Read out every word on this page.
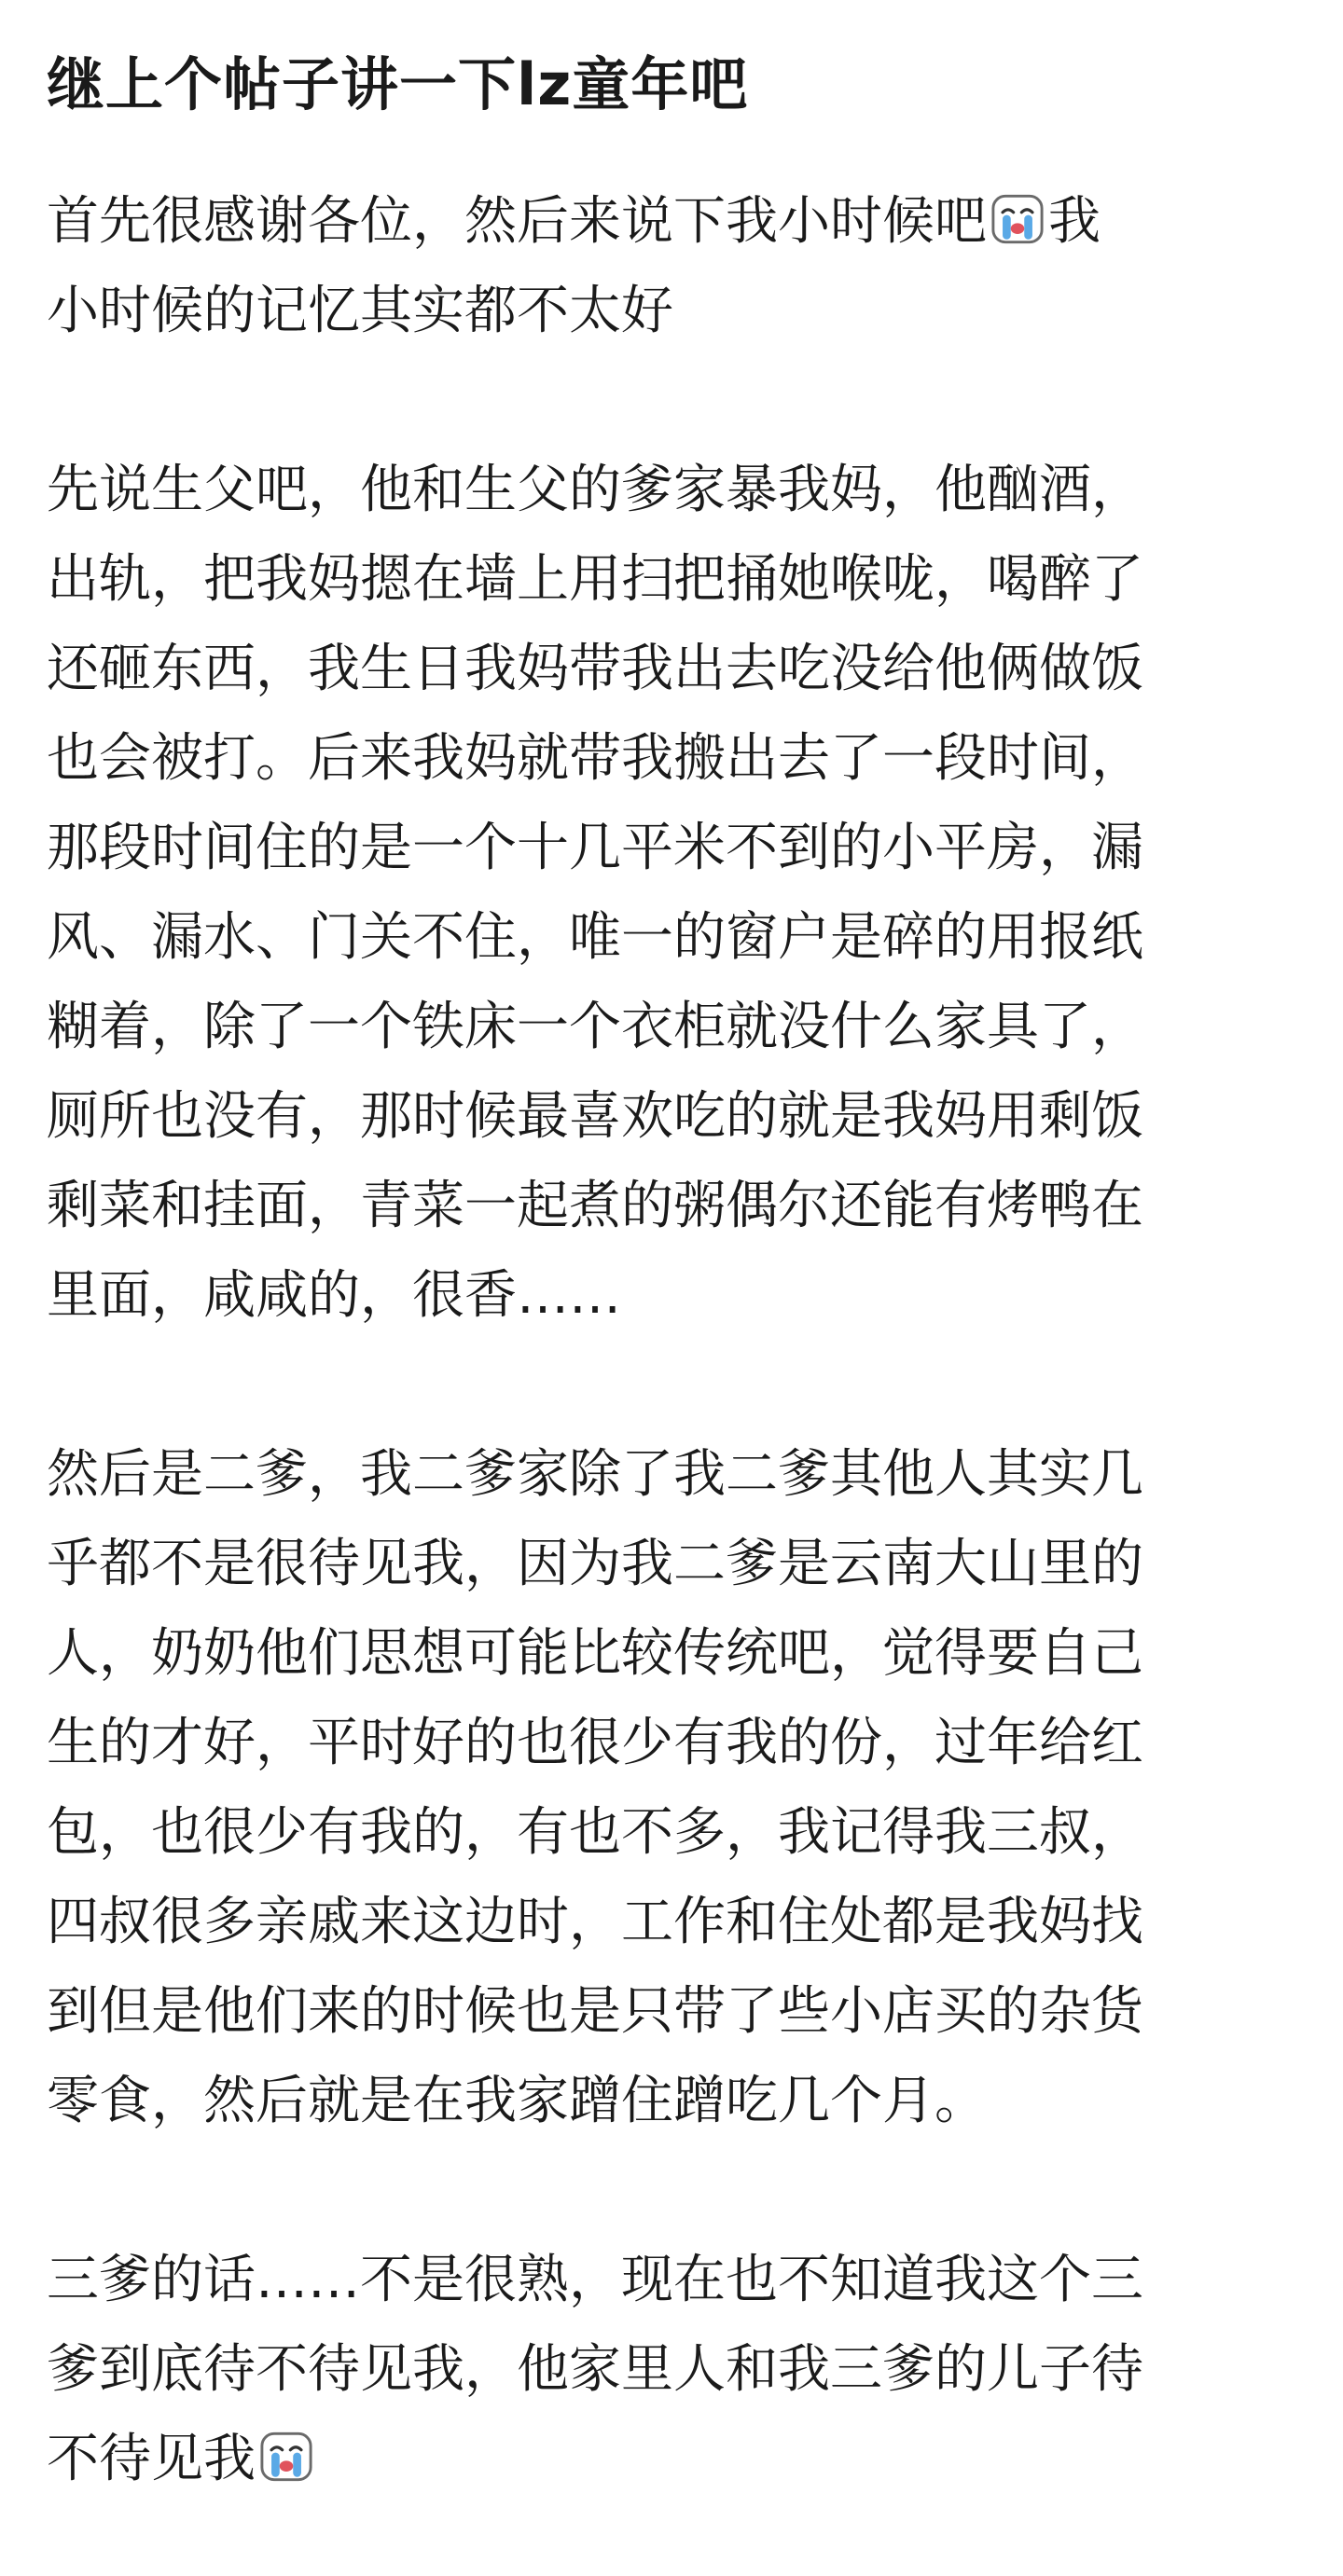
继上个帖子讲一下lz童年吧
首先很感谢各位，然后来说下我小时候吧 我
小时候的记忆其实都不太好
先说生父吧，他和生父的爹家暴我妈，他酗酒，
出轨，把我妈摁在墙上用扫把捅她喉咙，喝醉了
还砸东西，我生日我妈带我出去吃没给他俩做饭
也会被打。后来我妈就带我搬出去了一段时间，
那段时间住的是一个十几平米不到的小平房，漏
风、漏水、门关不住，唯一的窗户是碎的用报纸
糊着，除了一个铁床一个衣柜就没什么家具了，
厕所也没有，那时候最喜欢吃的就是我妈用剩饭
剩菜和挂面，青菜一起煮的粥偶尔还能有烤鸭在
里面，咸咸的，很香……
然后是二爹，我二爹家除了我二爹其他人其实几
乎都不是很待见我，因为我二爹是云南大山里的
人，奶奶他们思想可能比较传统吧，觉得要自己
生的才好，平时好的也很少有我的份，过年给红
包，也很少有我的，有也不多，我记得我三叔，
四叔很多亲戚来这边时，工作和住处都是我妈找
到但是他们来的时候也是只带了些小店买的杂货
零食，然后就是在我家蹭住蹭吃几个月。
三爹的话……不是很熟，现在也不知道我这个三
爹到底待不待见我，他家里人和我三爹的儿子待
不待见我
